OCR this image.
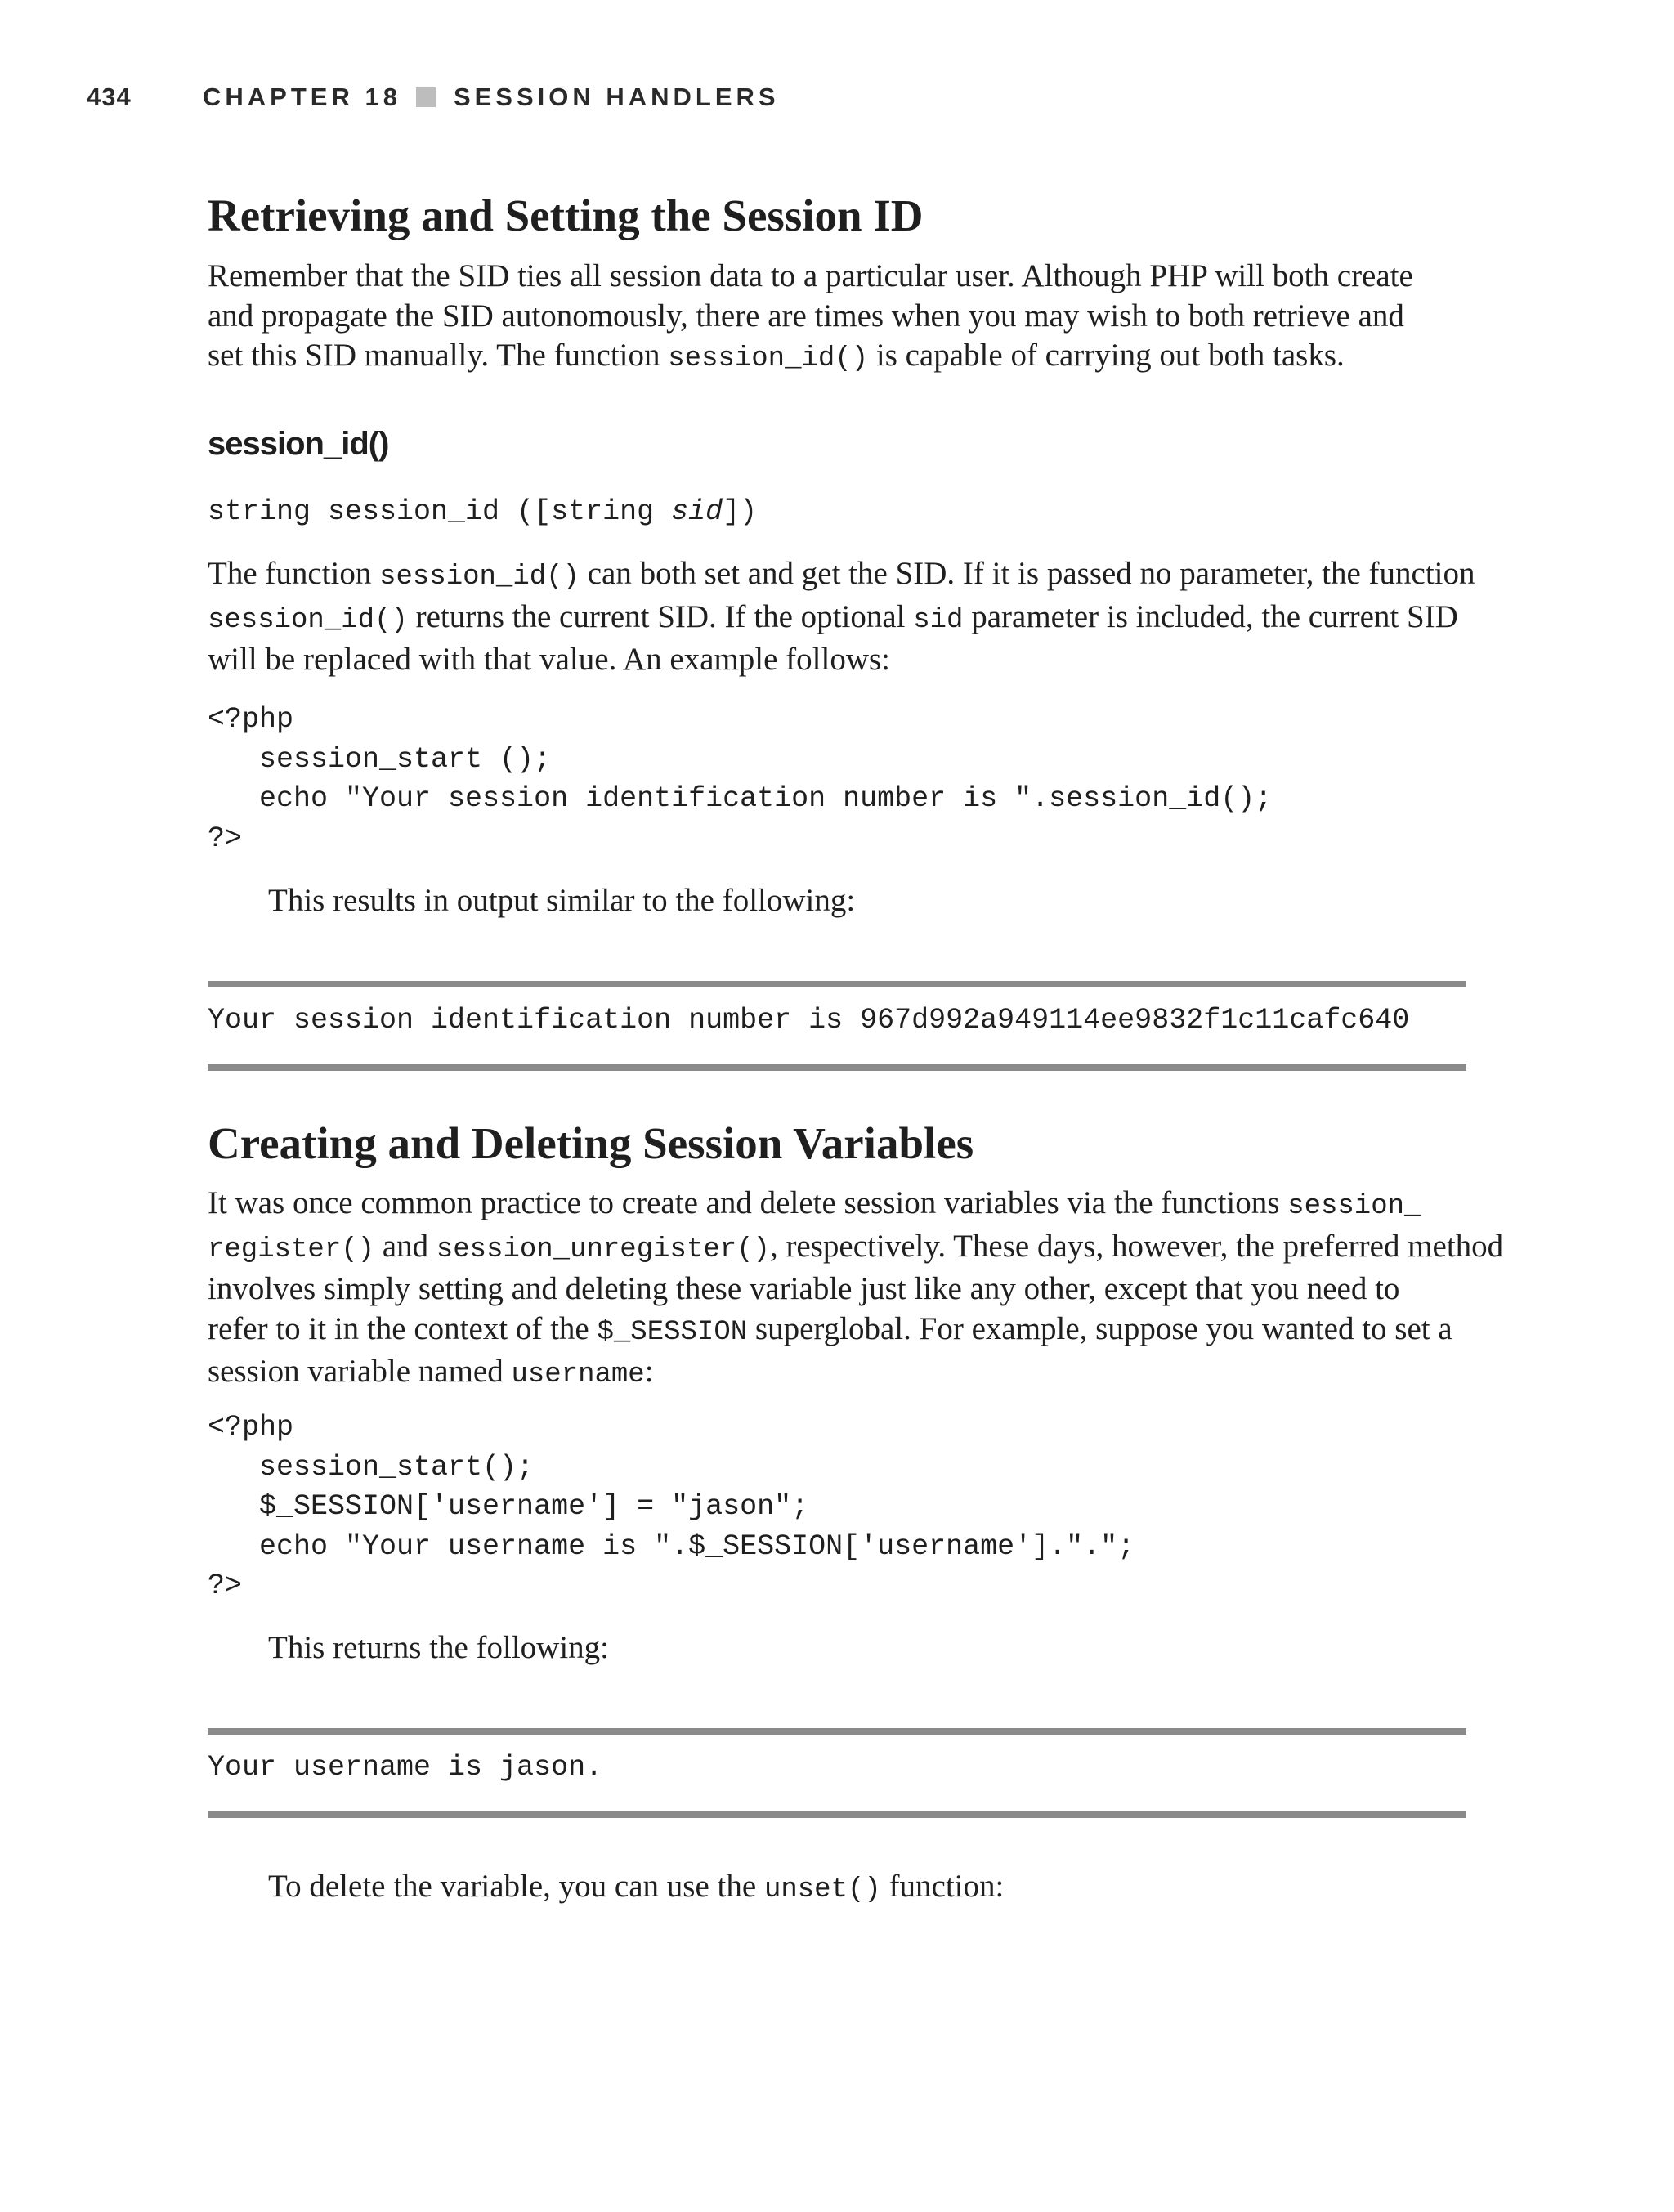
434	CHAPTER 18 SESSION HANDLERS
Retrieving and Setting the Session ID

Remember that the SID ties all session data to a particular user. Although PHP will both create

and propagate the SID autonomously, there are times when you may wish to both retrieve and

set this SID manually. The function session_id() is capable of carrying out both tasks.

session_id()
string session_id ([string sid])

The function session_id() can both set and get the SID. If it is passed no parameter, the function

session_id() returns the current SID. If the optional sid parameter is included, the current SID

will be replaced with that value. An example follows:

<?php
session_start ();
echo "Your session identification number is ".session_id();
?>

This results in output similar to the following:

Your session identification number is 967d992a949114ee9832f1c11cafc640
Creating and Deleting Session Variables

It was once common practice to create and delete session variables via the functions session_

register() and session_unregister(), respectively. These days, however, the preferred method

involves simply setting and deleting these variable just like any other, except that you need to

refer to it in the context of the $_SESSION superglobal. For example, suppose you wanted to set a

session variable named username:

<?php
session_start();
$_SESSION['username'] = "jason";
echo "Your username is ".$_SESSION['username'].".";
?>

This returns the following:

Your username is jason.

To delete the variable, you can use the unset() function:
